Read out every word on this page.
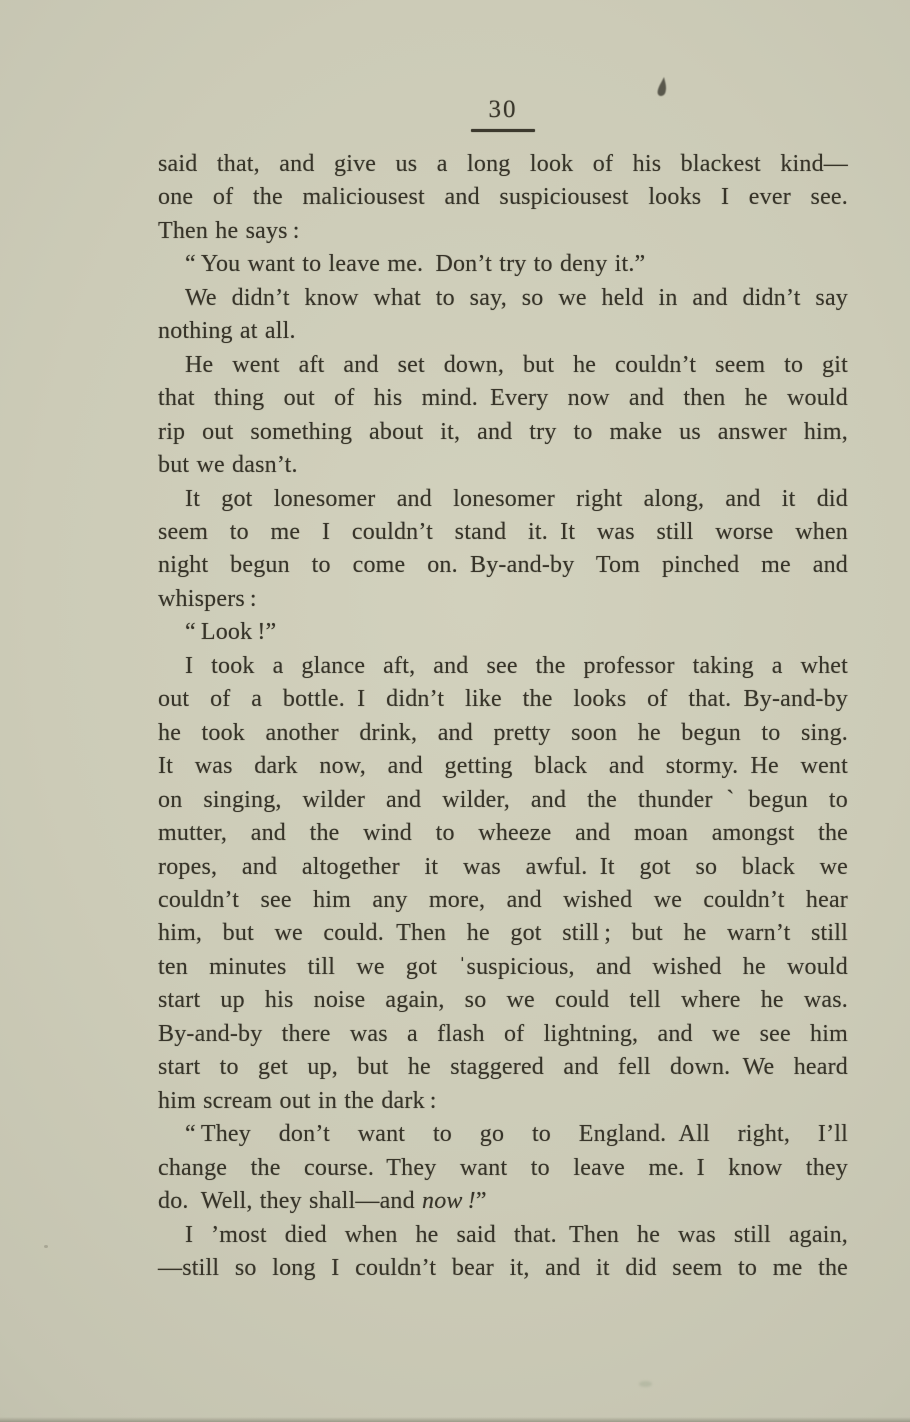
30
said that, and give us a long look of his blackest kind—
one of the maliciousest and suspiciousest looks I ever see.
Then he says :
“ You want to leave me. Don’t try to deny it.”
We didn’t know what to say, so we held in and didn’t say
nothing at all.
He went aft and set down, but he couldn’t seem to git
that thing out of his mind. Every now and then he would
rip out something about it, and try to make us answer him,
but we dasn’t.
It got lonesomer and lonesomer right along, and it did
seem to me I couldn’t stand it. It was still worse when
night begun to come on. By-and-by Tom pinched me and
whispers :
“ Look !”
I took a glance aft, and see the professor taking a whet
out of a bottle. I didn’t like the looks of that. By-and-by
he took another drink, and pretty soon he begun to sing.
It was dark now, and getting black and stormy. He went
on singing, wilder and wilder, and the thunderˋbegun to
mutter, and the wind to wheeze and moan amongst the
ropes, and altogether it was awful. It got so black we
couldn’t see him any more, and wished we couldn’t hear
him, but we could. Then he got still ; but he warn’t still
ten minutes till we got ˈsuspicious, and wished he would
start up his noise again, so we could tell where he was.
By-and-by there was a flash of lightning, and we see him
start to get up, but he staggered and fell down. We heard
him scream out in the dark :
“ They don’t want to go to England. All right, I’ll
change the course. They want to leave me. I know they
do. Well, they shall—and now !”
I ’most died when he said that. Then he was still again,
—still so long I couldn’t bear it, and it did seem to me the
